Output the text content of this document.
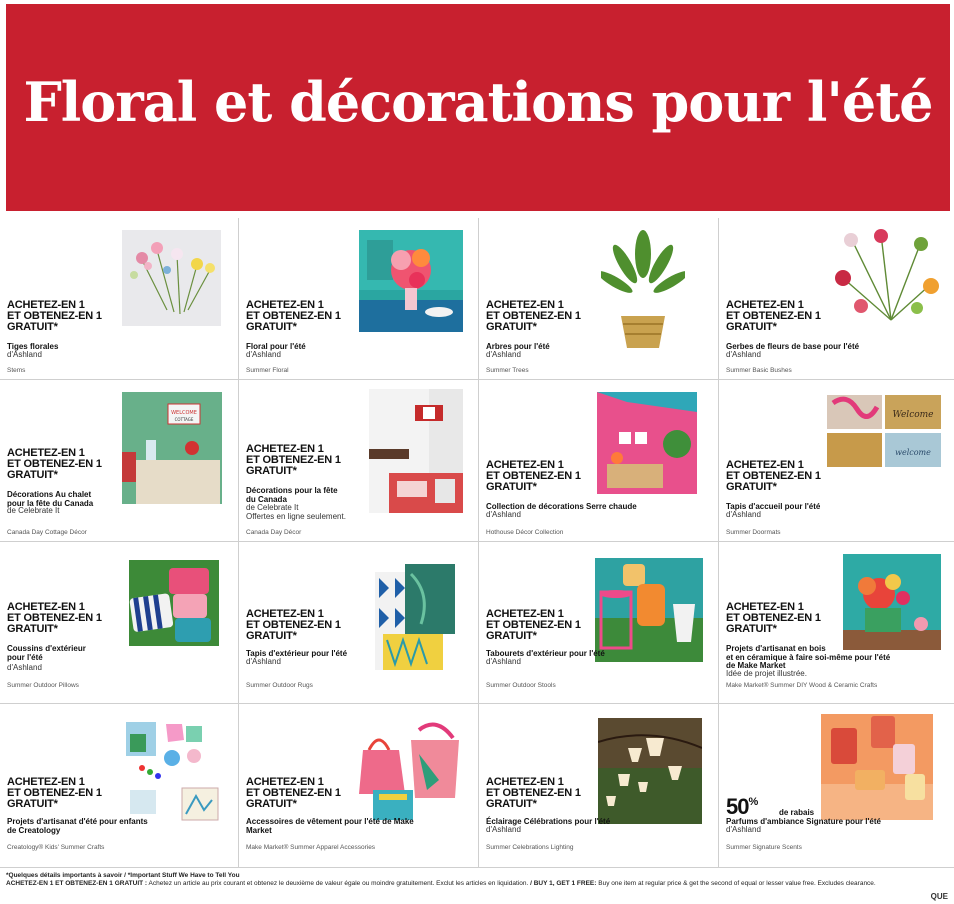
Floral et décorations pour l'été
ACHETEZ-EN 1
ET OBTENEZ-EN 1
GRATUIT*
Tiges florales
d'Ashland
Stems
ACHETEZ-EN 1
ET OBTENEZ-EN 1
GRATUIT*
Floral pour l'été
d'Ashland
Summer Floral
ACHETEZ-EN 1
ET OBTENEZ-EN 1
GRATUIT*
Arbres pour l'été
d'Ashland
Summer Trees
ACHETEZ-EN 1
ET OBTENEZ-EN 1
GRATUIT*
Gerbes de fleurs de base pour l'été
d'Ashland
Summer Basic Bushes
WELCOME
COTTAGE
ACHETEZ-EN 1
ET OBTENEZ-EN 1
GRATUIT*
Décorations Au chalet
pour la fête du Canada
de Celebrate It
Canada Day Cottage Décor
ACHETEZ-EN 1
ET OBTENEZ-EN 1
GRATUIT*
Décorations pour la fête
du Canada
de Celebrate It
Offertes en ligne seulement.
Canada Day Décor
ACHETEZ-EN 1
ET OBTENEZ-EN 1
GRATUIT*
Collection de décorations Serre chaude
d'Ashland
Hothouse Décor Collection
Welcome
welcome
ACHETEZ-EN 1
ET OBTENEZ-EN 1
GRATUIT*
Tapis d'accueil pour l'été
d'Ashland
Summer Doormats
ACHETEZ-EN 1
ET OBTENEZ-EN 1
GRATUIT*
Coussins d'extérieur
pour l'été
d'Ashland
Summer Outdoor Pillows
ACHETEZ-EN 1
ET OBTENEZ-EN 1
GRATUIT*
Tapis d'extérieur pour l'été
d'Ashland
Summer Outdoor Rugs
ACHETEZ-EN 1
ET OBTENEZ-EN 1
GRATUIT*
Tabourets d'extérieur pour l'été
d'Ashland
Summer Outdoor Stools
ACHETEZ-EN 1
ET OBTENEZ-EN 1
GRATUIT*
Projets d'artisanat en bois
et en céramique à faire soi-même pour l'été
de Make Market
Idée de projet illustrée.
Make Market® Summer DIY Wood & Ceramic Crafts
ACHETEZ-EN 1
ET OBTENEZ-EN 1
GRATUIT*
Projets d'artisanat d'été pour enfants
de Creatology
Creatology® Kids' Summer Crafts
ACHETEZ-EN 1
ET OBTENEZ-EN 1
GRATUIT*
Accessoires de vêtement pour l'été de Make
Market
Make Market® Summer Apparel Accessories
ACHETEZ-EN 1
ET OBTENEZ-EN 1
GRATUIT*
Éclairage Célébrations pour l'été
d'Ashland
Summer Celebrations Lighting
50%
de rabais
Parfums d'ambiance Signature pour l'été
d'Ashland
Summer Signature Scents
*Quelques détails importants à savoir / *Important Stuff We Have to Tell You
ACHETEZ-EN 1 ET OBTENEZ-EN 1 GRATUIT : Achetez un article au prix courant et obtenez le deuxième de valeur égale ou moindre gratuitement. Exclut les articles en liquidation. / BUY 1, GET 1 FREE: Buy one item at regular price & get the second of equal or lesser value free. Excludes clearance.
QUE
